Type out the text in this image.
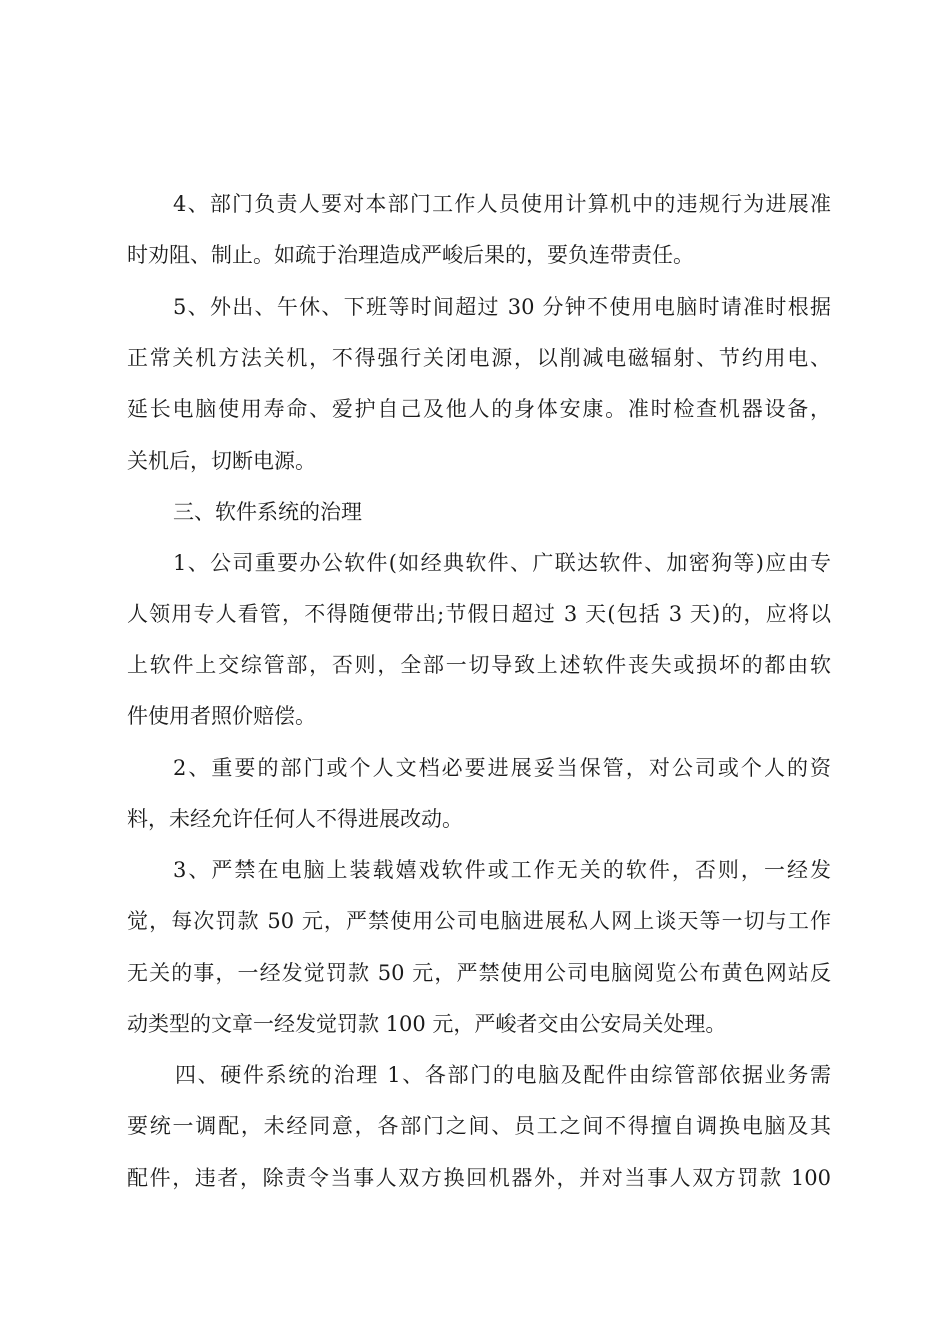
4、部门负责人要对本部门工作人员使用计算机中的违规行为进展准
时劝阻、制止。如疏于治理造成严峻后果的，要负连带责任。
5、外出、午休、下班等时间超过 30 分钟不使用电脑时请准时根据
正常关机方法关机，不得强行关闭电源，以削减电磁辐射、节约用电、
延长电脑使用寿命、爱护自己及他人的身体安康。准时检查机器设备，
关机后，切断电源。
三、软件系统的治理
1、公司重要办公软件(如经典软件、广联达软件、加密狗等)应由专
人领用专人看管，不得随便带出;节假日超过 3 天(包括 3 天)的，应将以
上软件上交综管部，否则，全部一切导致上述软件丧失或损坏的都由软
件使用者照价赔偿。
2、重要的部门或个人文档必要进展妥当保管，对公司或个人的资
料，未经允许任何人不得进展改动。
3、严禁在电脑上装载嬉戏软件或工作无关的软件，否则，一经发
觉，每次罚款 50 元，严禁使用公司电脑进展私人网上谈天等一切与工作
无关的事，一经发觉罚款 50 元，严禁使用公司电脑阅览公布黄色网站反
动类型的文章一经发觉罚款 100 元，严峻者交由公安局关处理。
四、硬件系统的治理 1、各部门的电脑及配件由综管部依据业务需
要统一调配，未经同意，各部门之间、员工之间不得擅自调换电脑及其
配件，违者，除责令当事人双方换回机器外，并对当事人双方罚款 100
